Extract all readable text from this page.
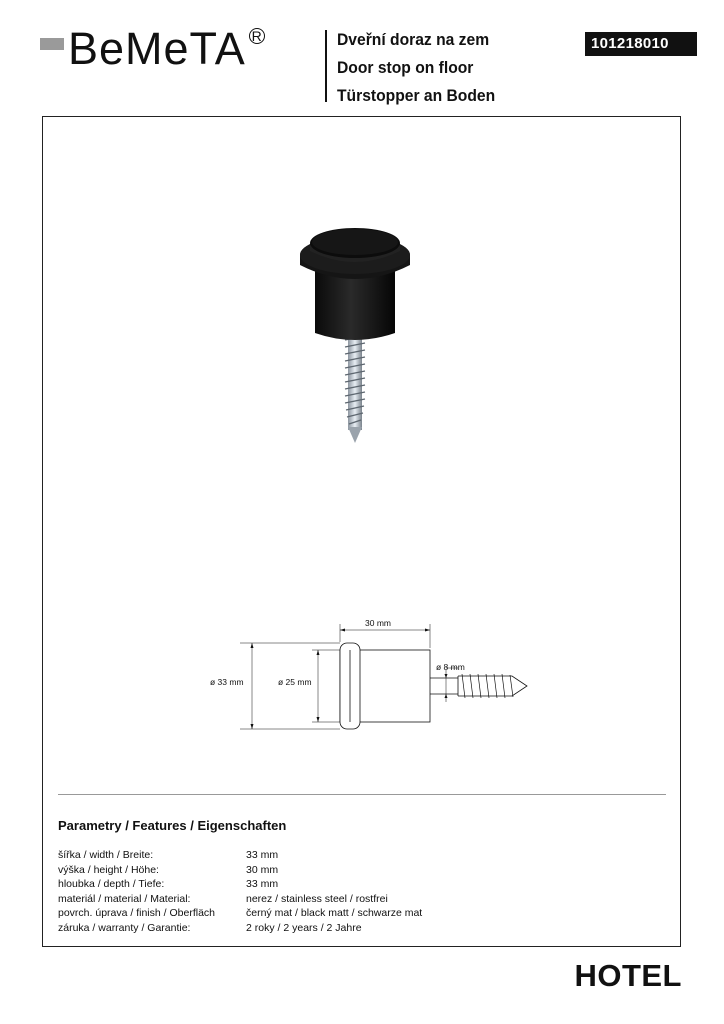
BeMeTA R	Dveřní doraz na zem
Door stop on floor
Türstopper an Boden
101218010
30 mm
ø 33 mm	ø 25 mm
ø 8 mm
Parametry / Features / Eigenschaften
šířka / width / Breite:	33 mm
výška / height / Höhe:	30 mm
hloubka / depth / Tiefe:	33 mm
materiál / material / Material:	nerez / stainless steel / rostfrei
povrch. úprava / finish / Oberfläch	černý mat / black matt / schwarze mat
záruka / warranty / Garantie:	2 roky / 2 years / 2 Jahre
HOTEL
